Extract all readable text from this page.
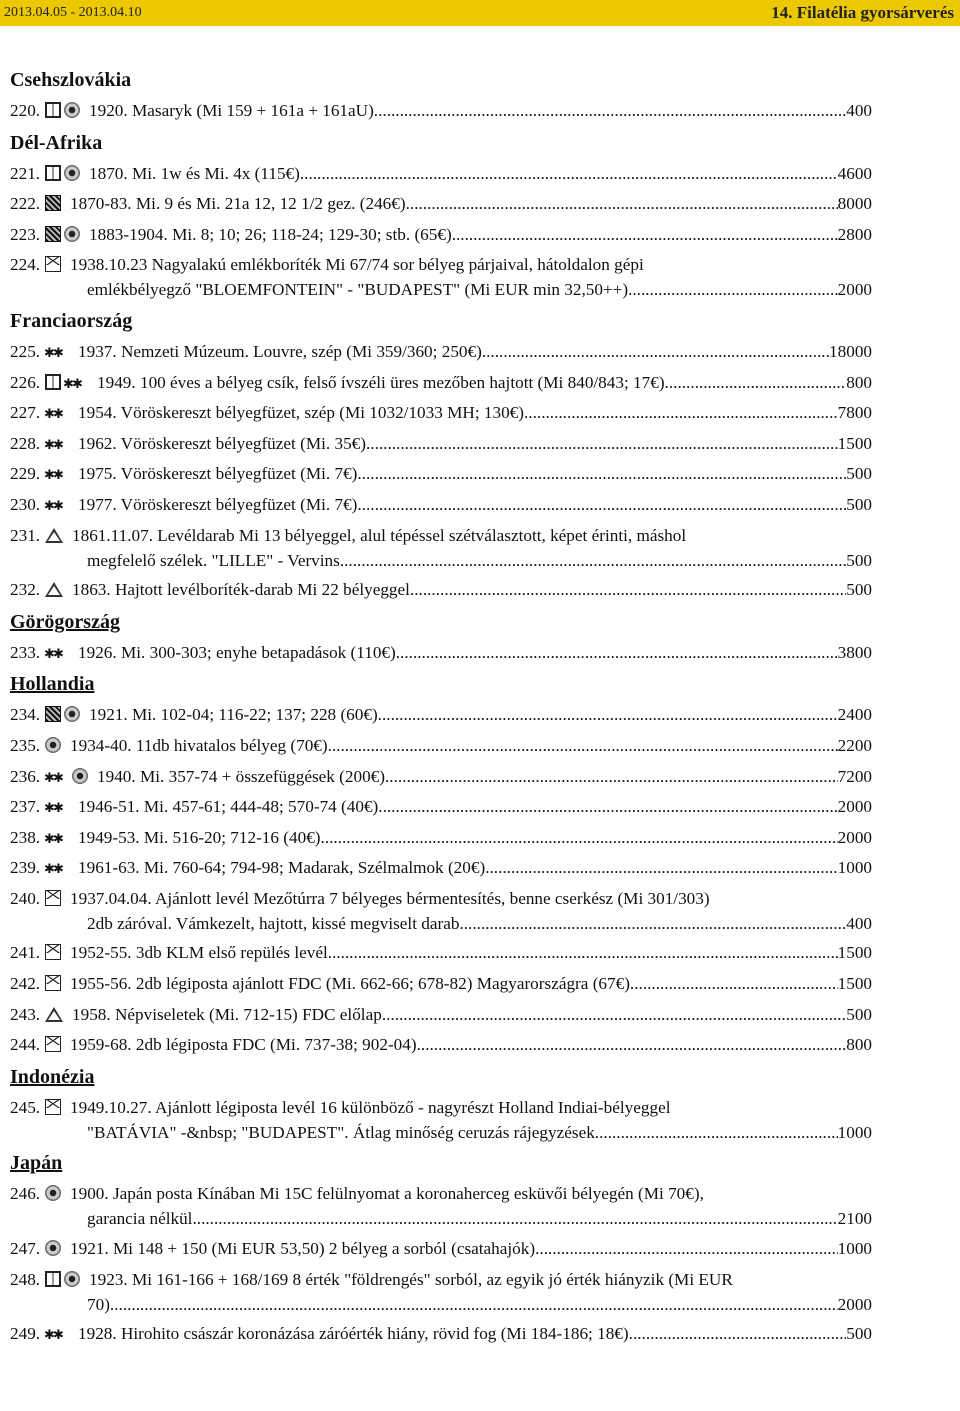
2013.04.05 - 2013.04.10	14. Filatélia gyorsárverés
Csehszlovákia
220.	1920. Masaryk (Mi 159 + 161a + 161aU) .....	400
Dél-Afrika
221.	1870. Mi. 1w és Mi. 4x (115€) .....	4600
222. 1870-83. Mi. 9 és Mi. 21a 12, 12 1/2 gez. (246€) .....	8000
223.	1883-1904. Mi. 8; 10; 26; 118-24; 129-30; stb. (65€) .....	2800
224. 1938.10.23 Nagyalakú emlékboríték Mi 67/74 sor bélyeg párjaival, hátoldalon gépi
emlékbélyegző "BLOEMFONTEIN" - "BUDAPEST" (Mi EUR min 32,50++) .....	2000
Franciaország
225. ✱ ✱ 1937. Nemzeti Múzeum. Louvre, szép (Mi 359/360; 250€) .....	18000
226. ✱ ✱	1949. 100 éves a bélyeg csík, felső ívszéli üres mezőben hajtott (Mi 840/843; 17€) .....	800
227. ✱ ✱ 1954. Vöröskereszt bélyegfüzet, szép (Mi 1032/1033 MH; 130€) .....	7800
228. ✱ ✱ 1962. Vöröskereszt bélyegfüzet (Mi. 35€) .....	1500
229. ✱ ✱ 1975. Vöröskereszt bélyegfüzet (Mi. 7€) .....	500
230. ✱ ✱ 1977. Vöröskereszt bélyegfüzet (Mi. 7€) .....	500
231. 1861.11.07. Levéldarab Mi 13 bélyeggel, alul tépéssel szétválasztott, képet érinti, máshol
megfelelő szélek. "LILLE" - Vervins .....	500
232. 1863. Hajtott levélboríték-darab Mi 22 bélyeggel .....	500
Görögország
233. ✱ ✱ 1926. Mi. 300-303; enyhe betapadások (110€) .....	3800
Hollandia
234.	1921. Mi. 102-04; 116-22; 137; 228 (60€) .....	2400
235. 1934-40. 11db hivatalos bélyeg (70€) .....	2200
236. ✱ ✱	1940. Mi. 357-74 + összefüggések (200€) .....	7200
237. ✱ ✱ 1946-51. Mi. 457-61; 444-48; 570-74 (40€) .....	2000
238. ✱ ✱ 1949-53. Mi. 516-20; 712-16 (40€) .....	2000
239. ✱ ✱ 1961-63. Mi. 760-64; 794-98; Madarak, Szélmalmok (20€) .....	1000
240. 1937.04.04. Ajánlott levél Mezőtúrra 7 bélyeges bérmentesítés, benne cserkész (Mi 301/303)
2db záróval. Vámkezelt, hajtott, kissé megviselt darab. .....	400
241. 1952-55. 3db KLM első repülés levél .....	1500
242. 1955-56. 2db légiposta ajánlott FDC (Mi. 662-66; 678-82) Magyarországra (67€) .....	1500
243. 1958. Népviseletek (Mi. 712-15) FDC előlap .....	500
244. 1959-68. 2db légiposta FDC (Mi. 737-38; 902-04) .....	800
Indonézia
245. 1949.10.27. Ajánlott légiposta levél 16 különböző - nagyrészt Holland Indiai-bélyeggel
"BATÁVIA" -&nbsp; "BUDAPEST". Átlag minőség ceruzás rájegyzések .....	1000
Japán
246. 1900. Japán posta Kínában Mi 15C felülnyomat a koronaherceg esküvői bélyegén (Mi 70€),
garancia nélkül. .....	2100
247. 1921. Mi 148 + 150 (Mi EUR 53,50) 2 bélyeg a sorból (csatahajók) .....	1000
248.	1923. Mi 161-166 + 168/169 8 érték "földrengés" sorból, az egyik jó érték hiányzik (Mi EUR
70) .....	2000
249. ✱ ✱ 1928. Hirohito császár koronázása záróérték hiány, rövid fog (Mi 184-186; 18€) .....	500
